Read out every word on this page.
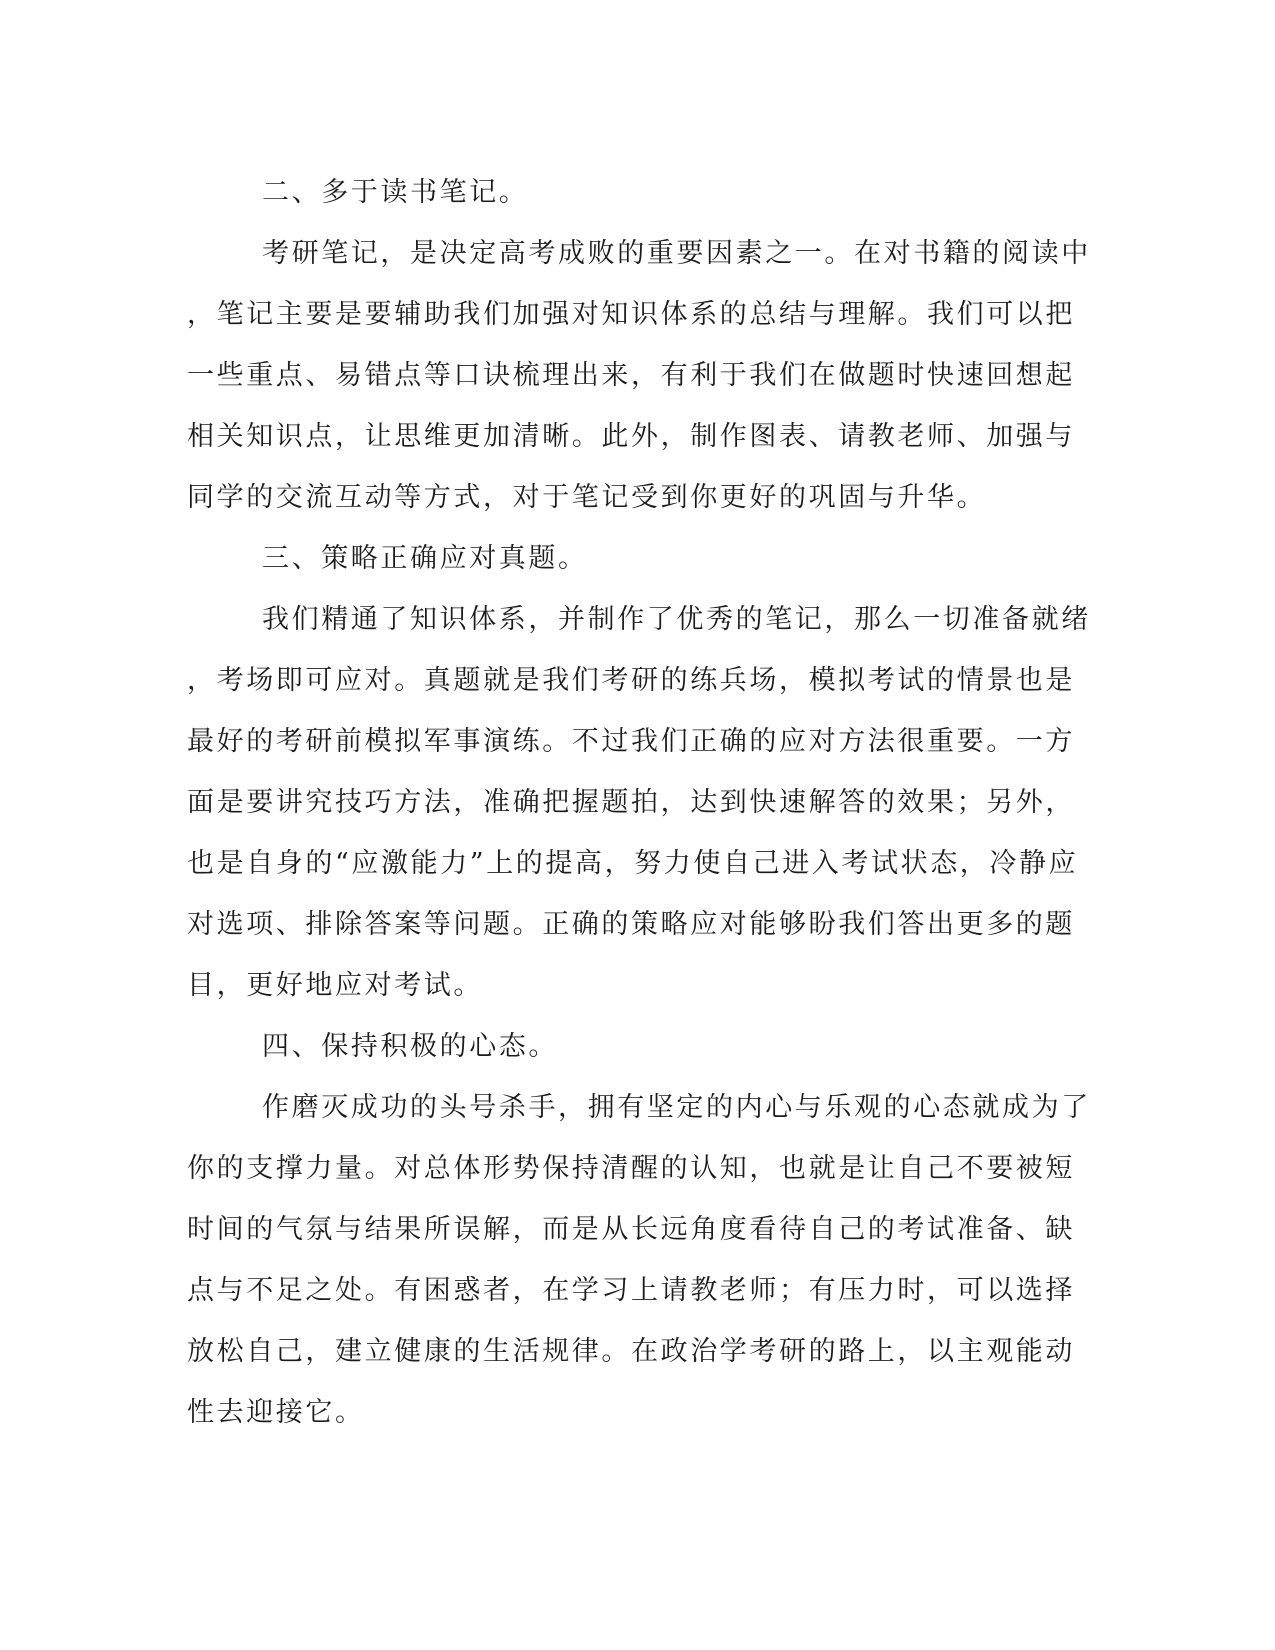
二、多于读书笔记。
考研笔记，是决定高考成败的重要因素之一。在对书籍的阅读中
，笔记主要是要辅助我们加强对知识体系的总结与理解。我们可以把
一些重点、易错点等口诀梳理出来，有利于我们在做题时快速回想起
相关知识点，让思维更加清晰。此外，制作图表、请教老师、加强与
同学的交流互动等方式，对于笔记受到你更好的巩固与升华。
三、策略正确应对真题。
我们精通了知识体系，并制作了优秀的笔记，那么一切准备就绪
，考场即可应对。真题就是我们考研的练兵场，模拟考试的情景也是
最好的考研前模拟军事演练。不过我们正确的应对方法很重要。一方
面是要讲究技巧方法，准确把握题拍，达到快速解答的效果；另外，
也是自身的“应激能力”上的提高，努力使自己进入考试状态，冷静应
对选项、排除答案等问题。正确的策略应对能够盼我们答出更多的题
目，更好地应对考试。
四、保持积极的心态。
作磨灭成功的头号杀手，拥有坚定的内心与乐观的心态就成为了
你的支撑力量。对总体形势保持清醒的认知，也就是让自己不要被短
时间的气氛与结果所误解，而是从长远角度看待自己的考试准备、缺
点与不足之处。有困惑者，在学习上请教老师；有压力时，可以选择
放松自己，建立健康的生活规律。在政治学考研的路上，以主观能动
性去迎接它。
